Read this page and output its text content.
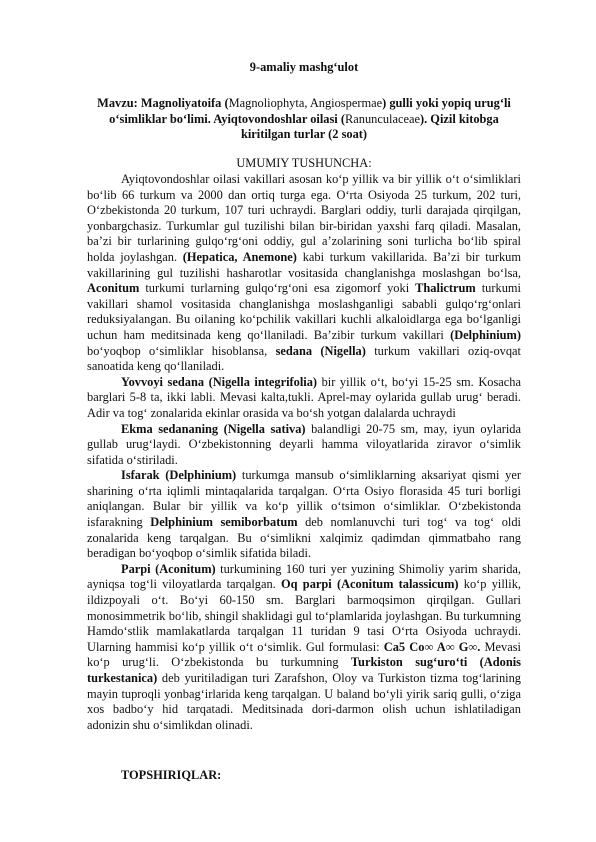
9-amaliy mashg‘ulot

Mavzu: Magnoliyatoifa (Magnoliophyta, Angiospermae) gulli yoki yopiq urug‘li o‘simliklar bo‘limi. Ayiqtovondoshlar oilasi (Ranunculaceae). Qizil kitobga kiritilgan turlar (2 soat)

UMUMIY TUSHUNCHA:

Ayiqtovondoshlar oilasi vakillari asosan ko‘p yillik va bir yillik o‘t o‘simliklari bo‘lib 66 turkum va 2000 dan ortiq turga ega. O‘rta Osiyoda 25 turkum, 202 turi, O‘zbekistonda 20 turkum, 107 turi uchraydi. Barglari oddiy, turli darajada qirqilgan, yonbargchasiz. Turkumlar gul tuzilishi bilan bir-biridan yaxshi farq qiladi. Masalan, ba’zi bir turlarining gulqo‘rg‘oni oddiy, gul a’zolarining soni turlicha bo‘lib spiral holda joylashgan. (Hepatica, Anemone) kabi turkum vakillarida. Ba’zi bir turkum vakillarining gul tuzilishi hasharotlar vositasida changlanishga moslashgan bo‘lsa, Aconitum turkumi turlarning gulqo‘rg‘oni esa zigomorf yoki Thalictrum turkumi vakillari shamol vositasida changlanishga moslashganligi sababli gulqo‘rg‘onlari reduksiyalangan. Bu oilaning ko‘pchilik vakillari kuchli alkaloidlarga ega bo‘lganligi uchun ham meditsinada keng qo‘llaniladi. Ba’zibir turkum vakillari (Delphinium) bo‘yoqbop o‘simliklar hisoblansa, sedana (Nigella) turkum vakillari oziq-ovqat sanoatida keng qo‘llaniladi.

Yovvoyi sedana (Nigella integrifolia) bir yillik o‘t, bo‘yi 15-25 sm. Kosacha barglari 5-8 ta, ikki labli. Mevasi kalta,tukli. Aprel-may oylarida gullab urug‘ beradi. Adir va tog‘ zonalarida ekinlar orasida va bo‘sh yotgan dalalarda uchraydi

Ekma sedananing (Nigella sativa) balandligi 20-75 sm, may, iyun oylarida gullab urug‘laydi. O‘zbekistonning deyarli hamma viloyatlarida ziravor o‘simlik sifatida o‘stiriladi.

Isfarak (Delphinium) turkumga mansub o‘simliklarning aksariyat qismi yer sharining o‘rta iqlimli mintaqalarida tarqalgan. O‘rta Osiyo florasida 45 turi borligi aniqlangan. Bular bir yillik va ko‘p yillik o‘tsimon o‘simliklar. O‘zbekistonda isfarakning Delphinium semiborbatum deb nomlanuvchi turi tog‘ va tog‘ oldi zonalarida keng tarqalgan. Bu o‘simlikni xalqimiz qadimdan qimmatbaho rang beradigan bo‘yoqbop o‘simlik sifatida biladi.

Parpi (Aconitum) turkumining 160 turi yer yuzining Shimoliy yarim sharida, ayniqsa tog‘li viloyatlarda tarqalgan. Oq parpi (Aconitum talassicum) ko‘p yillik, ildizpoyali o‘t. Bo‘yi 60-150 sm. Barglari barmoqsimon qirqilgan. Gullari monosimmetrik bo‘lib, shingil shaklidagi gul to‘plamlarida joylashgan. Bu turkumning Hamdo‘stlik mamlakatlarda tarqalgan 11 turidan 9 tasi O‘rta Osiyoda uchraydi. Ularning hammisi ko‘p yillik o‘t o‘simlik. Gul formulasi: Ca5 Co∞ A∞ G∞. Mevasi ko‘p urug‘li. O‘zbekistonda bu turkumning Turkiston sug‘uro‘ti (Adonis turkestanica) deb yuritiladigan turi Zarafshon, Oloy va Turkiston tizma tog‘larining mayin tuproqli yonbag‘irlarida keng tarqalgan. U baland bo‘yli yirik sariq gulli, o‘ziga xos badbo‘y hid tarqatadi. Meditsinada dori-darmon olish uchun ishlatiladigan adonizin shu o‘simlikdan olinadi.

TOPSHIRIQLAR:
